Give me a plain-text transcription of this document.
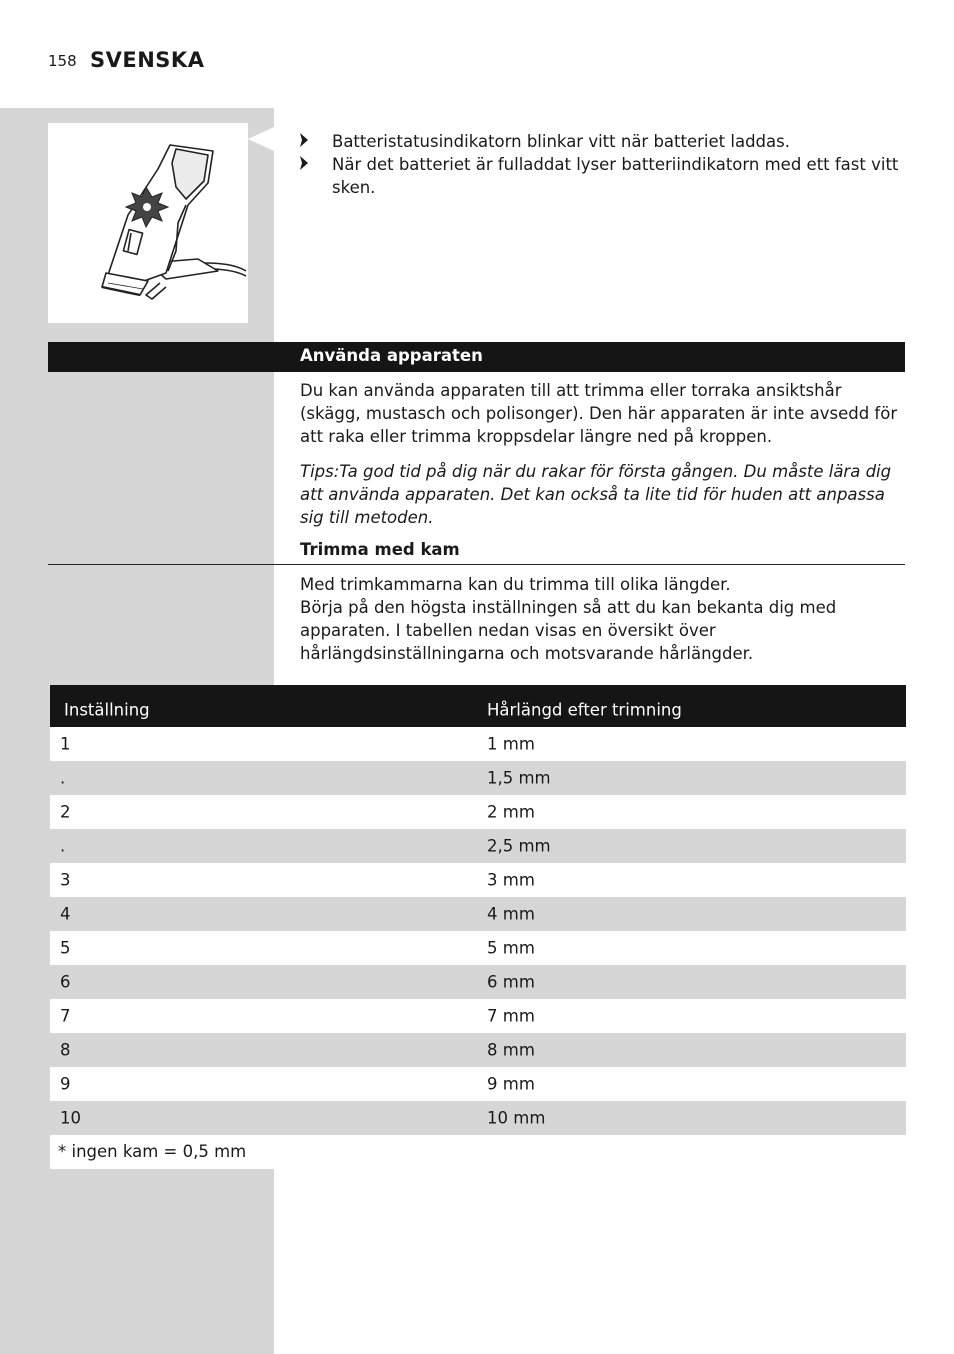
158 SVENSKA
Batteristatusindikatorn blinkar vitt när batteriet laddas.
När det batteriet är fulladdat lyser batteriindikatorn med ett fast vitt sken.
Använda apparaten

Du kan använda apparaten till att trimma eller torraka ansiktshår (skägg, mustasch och polisonger). Den här apparaten är inte avsedd för att raka eller trimma kroppsdelar längre ned på kroppen.

Tips:Ta god tid på dig när du rakar för första gången. Du måste lära dig att använda apparaten. Det kan också ta lite tid för huden att anpassa sig till metoden.

Trimma med kam

Med trimkammarna kan du trimma till olika längder.
Börja på den högsta inställningen så att du kan bekanta dig med apparaten. I tabellen nedan visas en översikt över hårlängdsinställningarna och motsvarande hårlängder.

Inställning	Hårlängd efter trimning
1	1 mm
.	1,5 mm
2	2 mm
.	2,5 mm
3	3 mm
4	4 mm
5	5 mm
6	6 mm
7	7 mm
8	8 mm
9	9 mm
10	10 mm
* ingen kam = 0,5 mm
